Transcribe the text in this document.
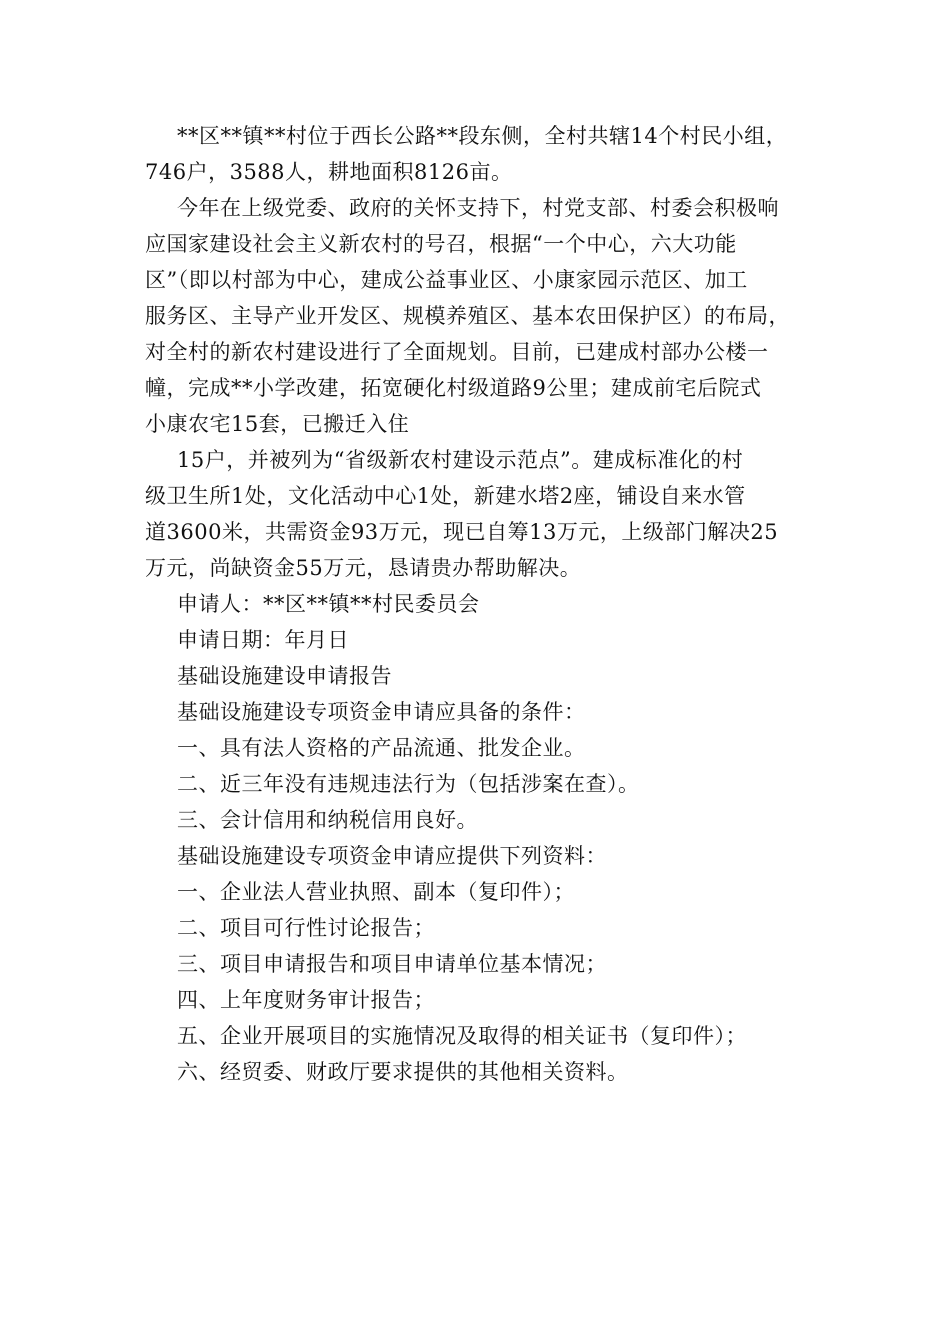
**区**镇**村位于西长公路**段东侧，全村共辖14个村民小组，
746户，3588人，耕地面积8126亩。
今年在上级党委、政府的关怀支持下，村党支部、村委会积极响
应国家建设社会主义新农村的号召，根据“一个中心，六大功能
区”（即以村部为中心，建成公益事业区、小康家园示范区、加工
服务区、主导产业开发区、规模养殖区、基本农田保护区）的布局，
对全村的新农村建设进行了全面规划。目前，已建成村部办公楼一
幢，完成**小学改建，拓宽硬化村级道路9公里；建成前宅后院式
小康农宅15套，已搬迁入住
15户，并被列为“省级新农村建设示范点”。建成标准化的村
级卫生所1处，文化活动中心1处，新建水塔2座，铺设自来水管
道3600米，共需资金93万元，现已自筹13万元，上级部门解决25
万元，尚缺资金55万元，恳请贵办帮助解决。
申请人：**区**镇**村民委员会
申请日期：年月日
基础设施建设申请报告
基础设施建设专项资金申请应具备的条件：
一、具有法人资格的产品流通、批发企业。
二、近三年没有违规违法行为（包括涉案在查）。
三、会计信用和纳税信用良好。
基础设施建设专项资金申请应提供下列资料：
一、企业法人营业执照、副本（复印件）；
二、项目可行性讨论报告；
三、项目申请报告和项目申请单位基本情况；
四、上年度财务审计报告；
五、企业开展项目的实施情况及取得的相关证书（复印件）；
六、经贸委、财政厅要求提供的其他相关资料。
